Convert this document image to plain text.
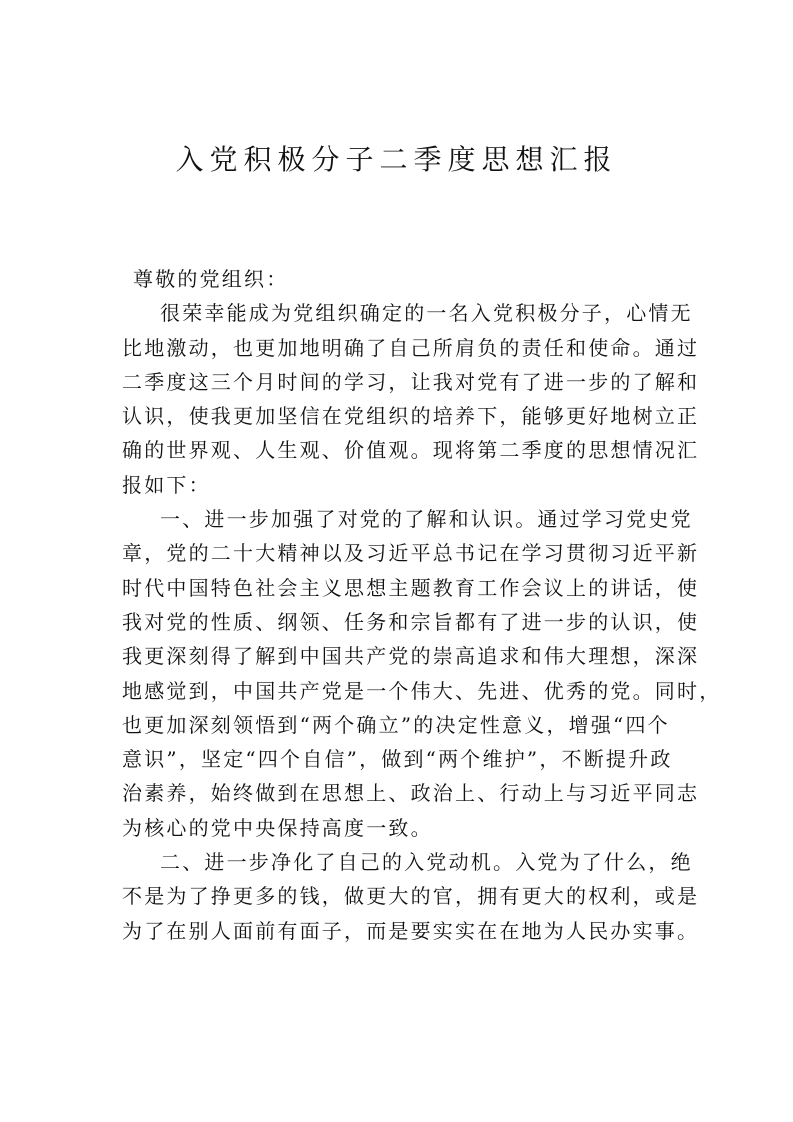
入党积极分子二季度思想汇报
尊敬的党组织：
很荣幸能成为党组织确定的一名入党积极分子，心情无
比地激动，也更加地明确了自己所肩负的责任和使命。通过
二季度这三个月时间的学习，让我对党有了进一步的了解和
认识，使我更加坚信在党组织的培养下，能够更好地树立正
确的世界观、人生观、价值观。现将第二季度的思想情况汇
报如下：
一、进一步加强了对党的了解和认识。通过学习党史党
章，党的二十大精神以及习近平总书记在学习贯彻习近平新
时代中国特色社会主义思想主题教育工作会议上的讲话，使
我对党的性质、纲领、任务和宗旨都有了进一步的认识，使
我更深刻得了解到中国共产党的崇高追求和伟大理想，深深
地感觉到，中国共产党是一个伟大、先进、优秀的党。同时，
也更加深刻领悟到“两个确立”的决定性意义，增强“四个
意识”，坚定“四个自信”，做到“两个维护”，不断提升政
治素养，始终做到在思想上、政治上、行动上与习近平同志
为核心的党中央保持高度一致。
二、进一步净化了自己的入党动机。入党为了什么，绝
不是为了挣更多的钱，做更大的官，拥有更大的权利，或是
为了在别人面前有面子，而是要实实在在地为人民办实事。
